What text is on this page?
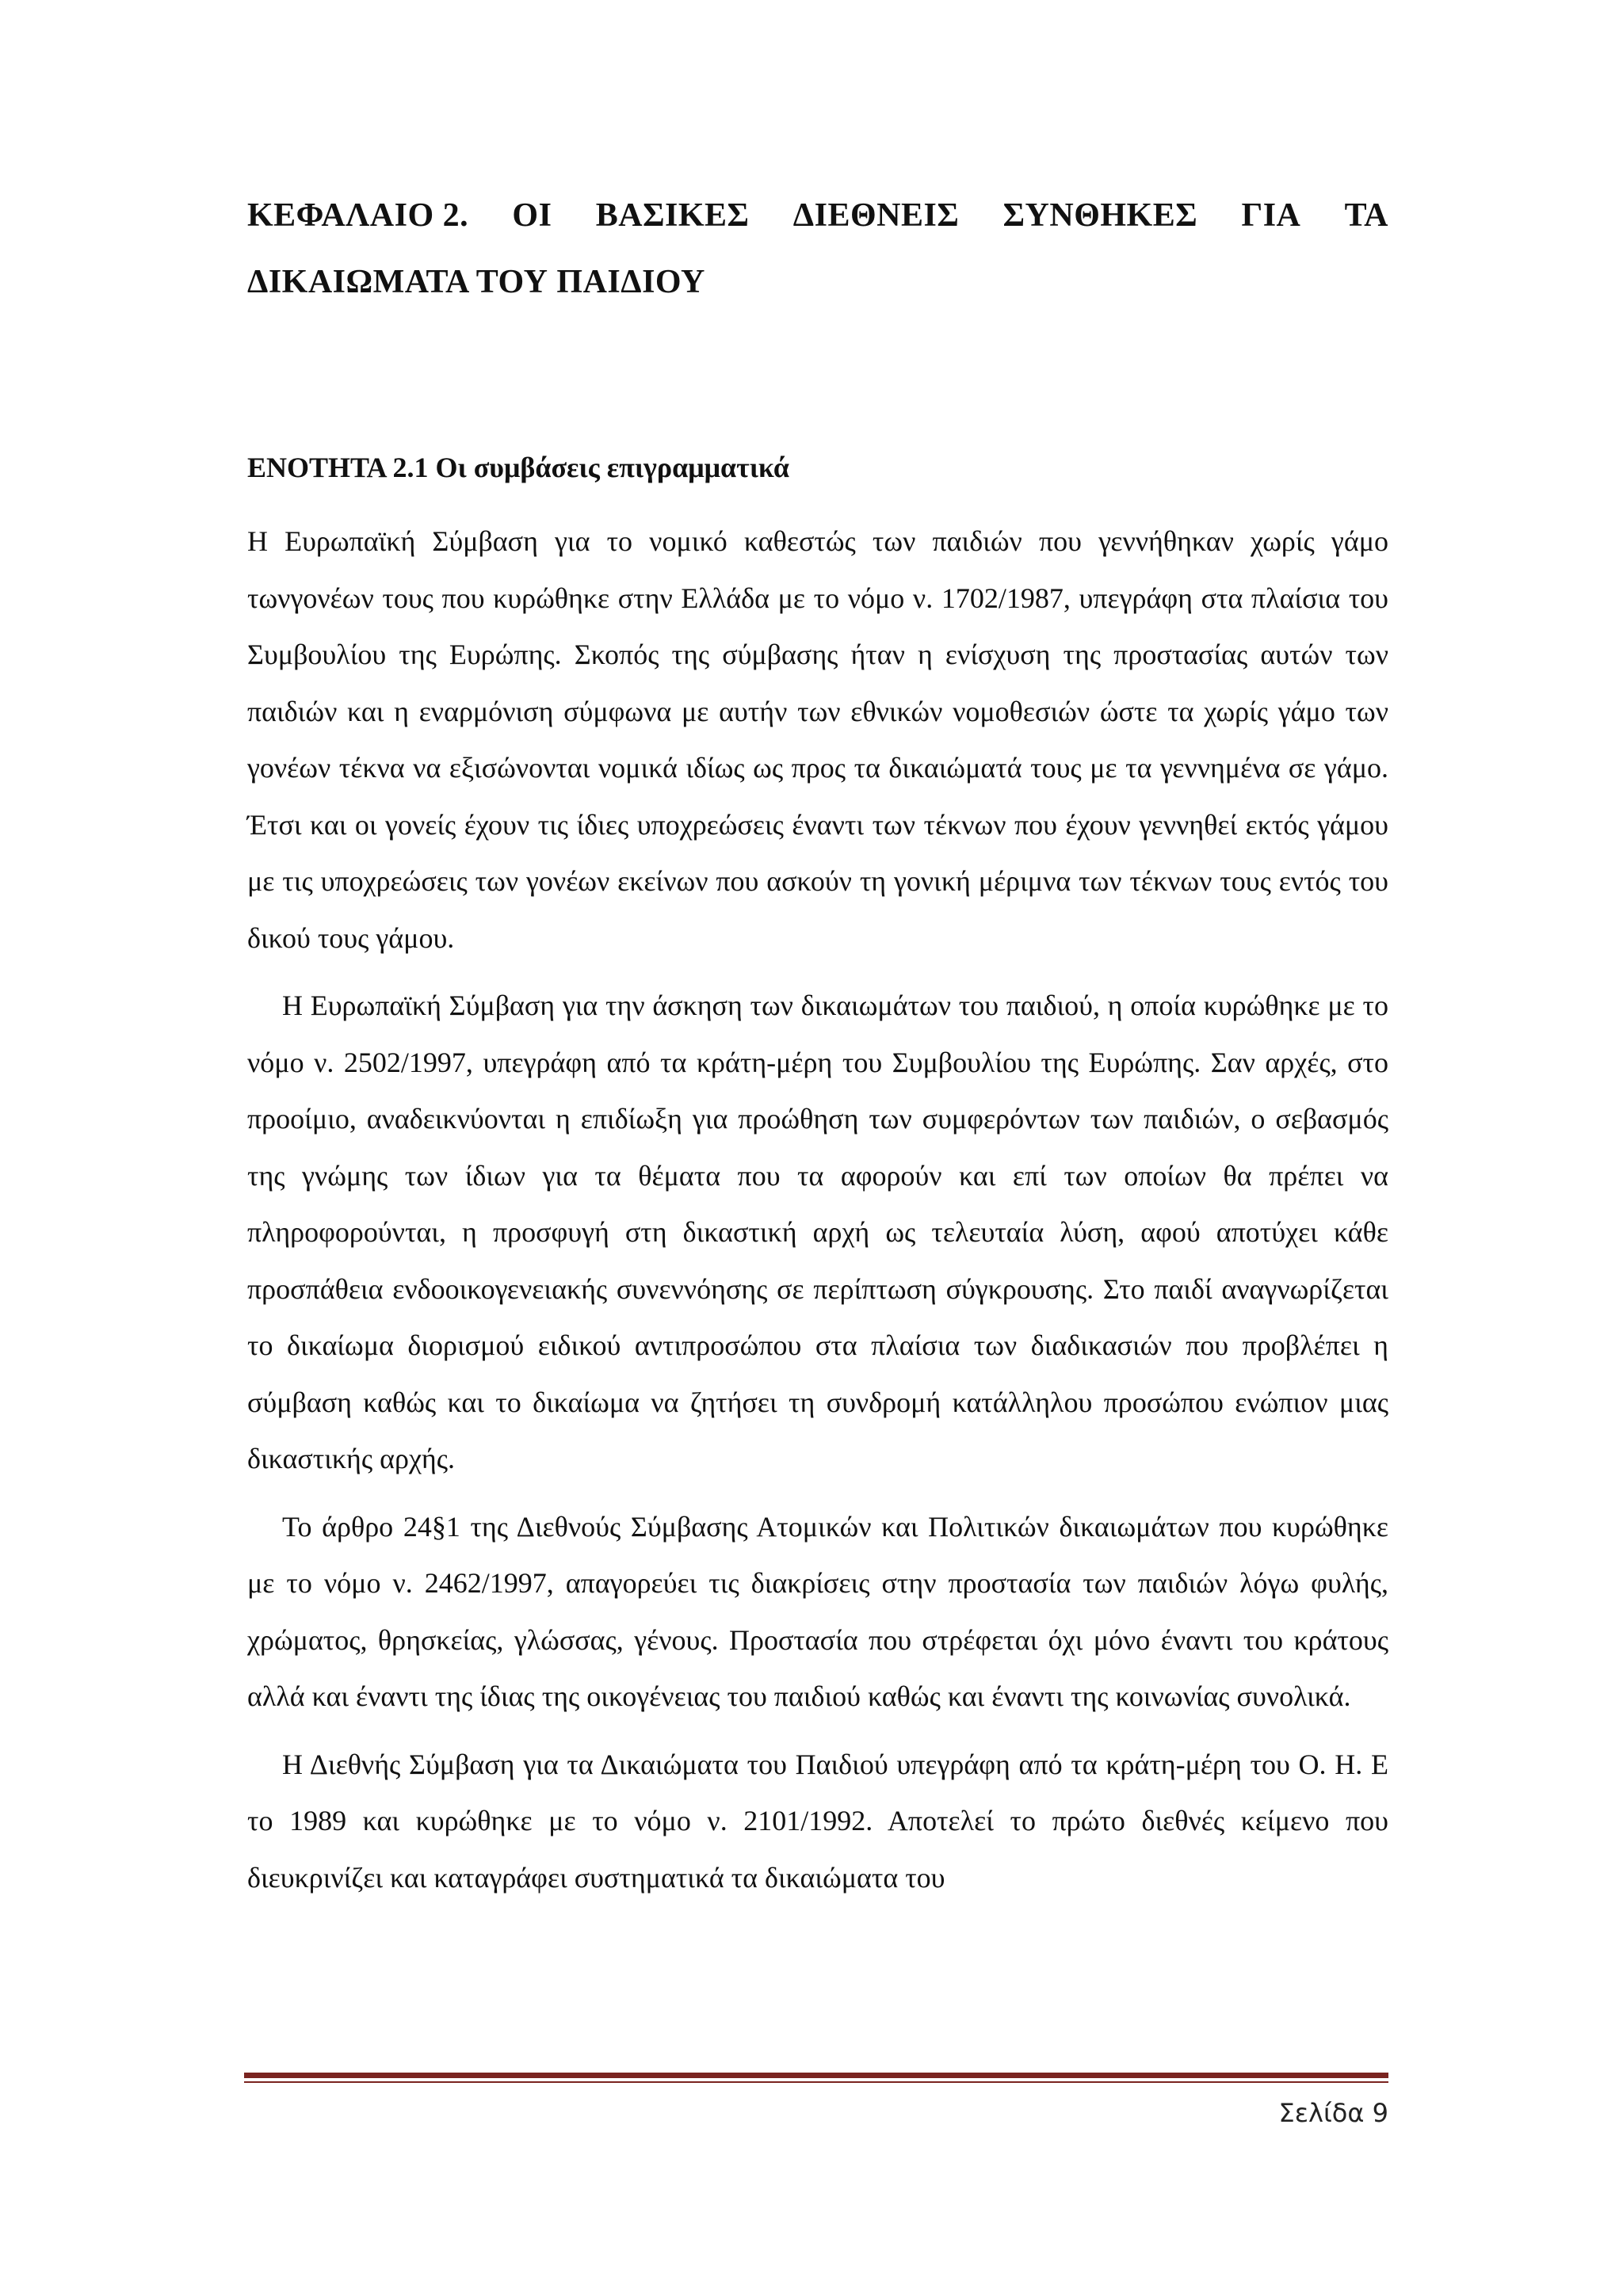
ΚΕΦΑΛΑΙΟ 2. ΟΙ ΒΑΣΙΚΕΣ ΔΙΕΘΝΕΙΣ ΣΥΝΘΗΚΕΣ ΓΙΑ ΤΑ
ΔΙΚΑΙΩΜΑΤΑ ΤΟΥ ΠΑΙΔΙΟΥ
ΕΝΟΤΗΤΑ 2.1 Οι συμβάσεις επιγραμματικά

Η Ευρωπαϊκή Σύμβαση για το νομικό καθεστώς των παιδιών που γεννήθηκαν χωρίς γάμο τωνγονέων τους που κυρώθηκε στην Ελλάδα με το νόμο ν. 1702/1987, υπεγράφη στα πλαίσια του Συμβουλίου της Ευρώπης. Σκοπός της σύμβασης ήταν η ενίσχυση της προστασίας αυτών των παιδιών και η εναρμόνιση σύμφωνα με αυτήν των εθνικών νομοθεσιών ώστε τα χωρίς γάμο των γονέων τέκνα να εξισώνονται νομικά ιδίως ως προς τα δικαιώματά τους με τα γεννημένα σε γάμο. Έτσι και οι γονείς έχουν τις ίδιες υποχρεώσεις έναντι των τέκνων που έχουν γεννηθεί εκτός γάμου με τις υποχρεώσεις των γονέων εκείνων που ασκούν τη γονική μέριμνα των τέκνων τους εντός του δικού τους γάμου.

Η Ευρωπαϊκή Σύμβαση για την άσκηση των δικαιωμάτων του παιδιού, η οποία κυρώθηκε με το νόμο ν. 2502/1997, υπεγράφη από τα κράτη-μέρη του Συμβουλίου της Ευρώπης. Σαν αρχές, στο προοίμιο, αναδεικνύονται η επιδίωξη για προώθηση των συμφερόντων των παιδιών, ο σεβασμός της γνώμης των ίδιων για τα θέματα που τα αφορούν και επί των οποίων θα πρέπει να πληροφορούνται, η προσφυγή στη δικαστική αρχή ως τελευταία λύση, αφού αποτύχει κάθε προσπάθεια ενδοοικογενειακής συνεννόησης σε περίπτωση σύγκρουσης. Στο παιδί αναγνωρίζεται το δικαίωμα διορισμού ειδικού αντιπροσώπου στα πλαίσια των διαδικασιών που προβλέπει η σύμβαση καθώς και το δικαίωμα να ζητήσει τη συνδρομή κατάλληλου προσώπου ενώπιον μιας δικαστικής αρχής.

Το άρθρο 24§1 της Διεθνούς Σύμβασης Ατομικών και Πολιτικών δικαιωμάτων που κυρώθηκε με το νόμο ν. 2462/1997, απαγορεύει τις διακρίσεις στην προστασία των παιδιών λόγω φυλής, χρώματος, θρησκείας, γλώσσας, γένους. Προστασία που στρέφεται όχι μόνο έναντι του κράτους αλλά και έναντι της ίδιας της οικογένειας του παιδιού καθώς και έναντι της κοινωνίας συνολικά.

Η Διεθνής Σύμβαση για τα Δικαιώματα του Παιδιού υπεγράφη από τα κράτη-μέρη του Ο. Η. Ε το 1989 και κυρώθηκε με το νόμο ν. 2101/1992. Αποτελεί το πρώτο διεθνές κείμενο που διευκρινίζει και καταγράφει συστηματικά τα δικαιώματα του

Σελίδα 9
